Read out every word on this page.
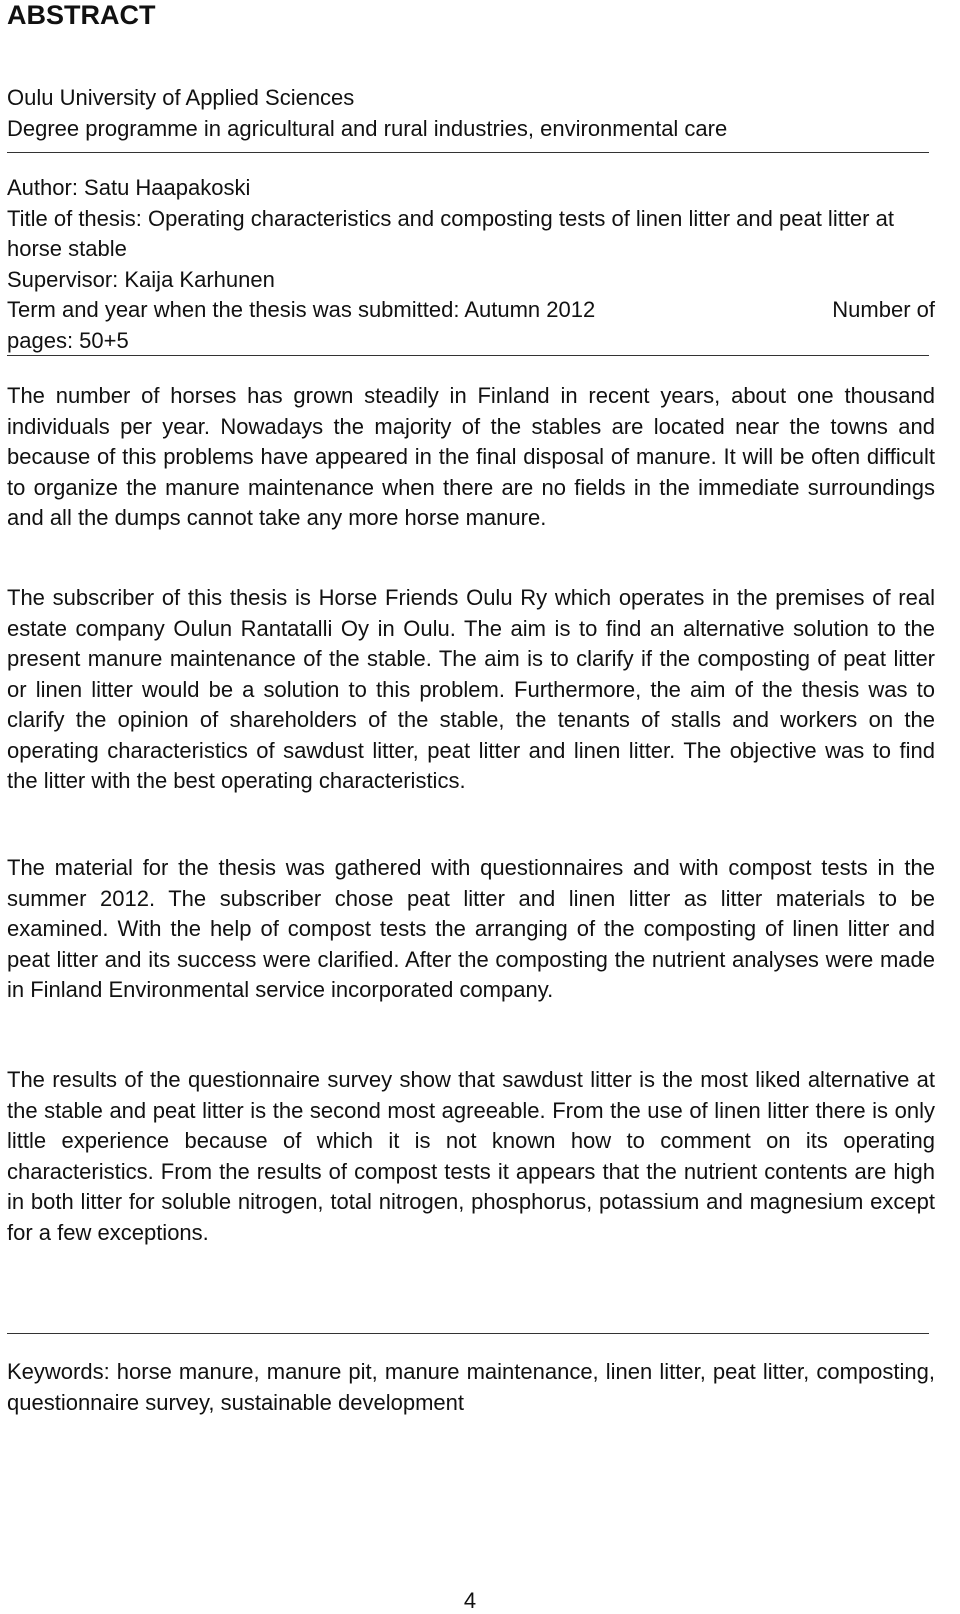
ABSTRACT

Oulu University of Applied Sciences

Degree programme in agricultural and rural industries, environmental care

Author: Satu Haapakoski

Title of thesis: Operating characteristics and composting tests of linen litter and peat litter at horse stable

Supervisor: Kaija Karhunen

Term and year when the thesis was submitted: Autumn 2012	Number of

pages: 50+5

The number of horses has grown steadily in Finland in recent years, about one thousand individuals per year. Nowadays the majority of the stables are located near the towns and because of this problems have appeared in the final disposal of manure. It will be often difficult to organize the manure maintenance when there are no fields in the immediate surroundings and all the dumps cannot take any more horse manure.

The subscriber of this thesis is Horse Friends Oulu Ry which operates in the premises of real estate company Oulun Rantatalli Oy in Oulu. The aim is to find an alternative solution to the present manure maintenance of the stable. The aim is to clarify if the composting of peat litter or linen litter would be a solution to this problem. Furthermore, the aim of the thesis was to clarify the opinion of shareholders of the stable, the tenants of stalls and workers on the operating characteristics of sawdust litter, peat litter and linen litter. The objective was to find the litter with the best operating characteristics.

The material for the thesis was gathered with questionnaires and with compost tests in the summer 2012. The subscriber chose peat litter and linen litter as litter materials to be examined. With the help of compost tests the arranging of the composting of linen litter and peat litter and its success were clarified. After the composting the nutrient analyses were made in Finland Environmental service incorporated company.

The results of the questionnaire survey show that sawdust litter is the most liked alternative at the stable and peat litter is the second most agreeable. From the use of linen litter there is only little experience because of which it is not known how to comment on its operating characteristics. From the results of compost tests it appears that the nutrient contents are high in both litter for soluble nitrogen, total nitrogen, phosphorus, potassium and magnesium except for a few exceptions.

Keywords: horse manure, manure pit, manure maintenance, linen litter, peat litter, composting, questionnaire survey, sustainable development

4
